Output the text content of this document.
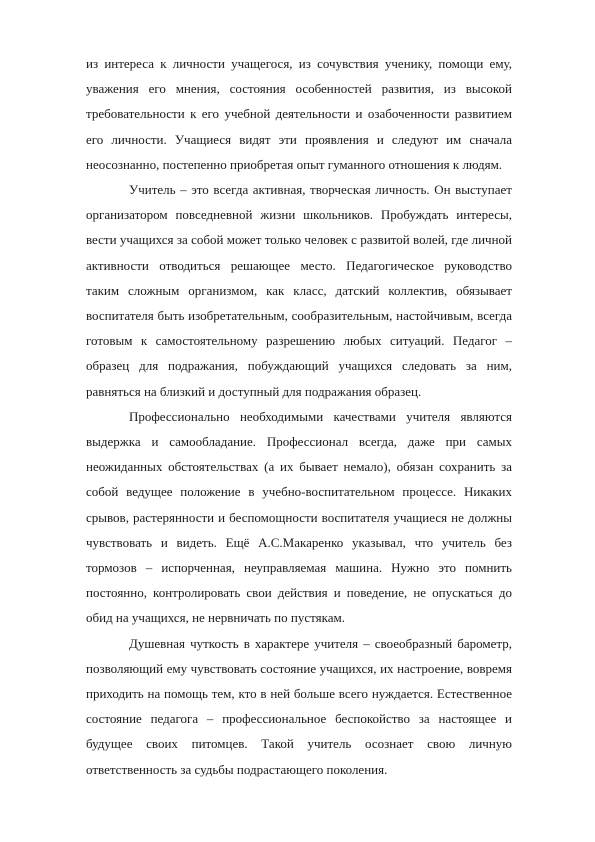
из интереса к личности учащегося, из сочувствия ученику, помощи ему, уважения его мнения, состояния особенностей развития, из высокой требовательности к его учебной деятельности и озабоченности развитием его личности. Учащиеся видят эти проявления и следуют им сначала неосознанно, постепенно приобретая опыт гуманного отношения к людям.

Учитель – это всегда активная, творческая личность. Он выступает организатором повседневной жизни школьников. Пробуждать интересы, вести учащихся за собой может только человек с развитой волей, где личной активности отводиться решающее место. Педагогическое руководство таким сложным организмом, как класс, датский коллектив, обязывает воспитателя быть изобретательным, сообразительным, настойчивым, всегда готовым к самостоятельному разрешению любых ситуаций. Педагог – образец для подражания, побуждающий учащихся следовать за ним, равняться на близкий и доступный для подражания образец.

Профессионально необходимыми качествами учителя являются выдержка и самообладание. Профессионал всегда, даже при самых неожиданных обстоятельствах (а их бывает немало), обязан сохранить за собой ведущее положение в учебно-воспитательном процессе. Никаких срывов, растерянности и беспомощности воспитателя учащиеся не должны чувствовать и видеть. Ещё А.С.Макаренко указывал, что учитель без тормозов – испорченная, неуправляемая машина. Нужно это помнить постоянно, контролировать свои действия и поведение, не опускаться до обид на учащихся, не нервничать по пустякам.

Душевная чуткость в характере учителя – своеобразный барометр, позволяющий ему чувствовать состояние учащихся, их настроение, вовремя приходить на помощь тем, кто в ней больше всего нуждается. Естественное состояние педагога – профессиональное беспокойство за настоящее и будущее своих питомцев. Такой учитель осознает свою личную ответственность за судьбы подрастающего поколения.
